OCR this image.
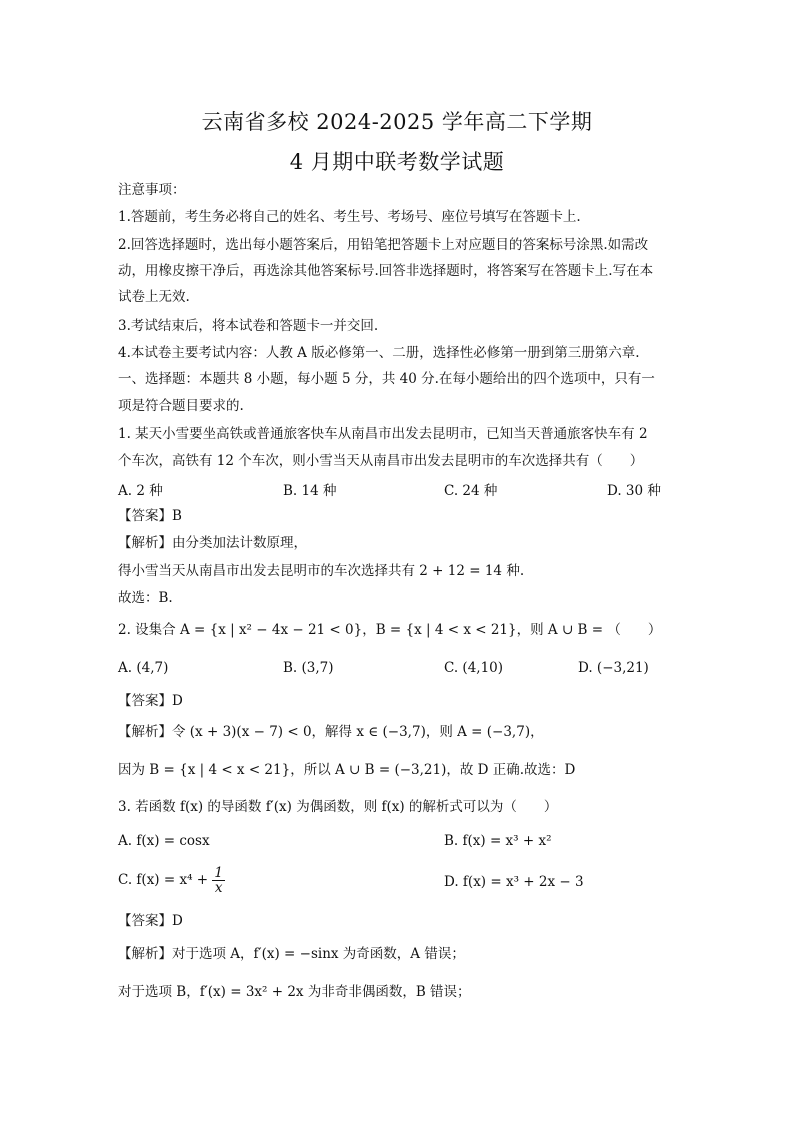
云南省多校 2024-2025 学年高二下学期
4 月期中联考数学试题
注意事项：
1.答题前，考生务必将自己的姓名、考生号、考场号、座位号填写在答题卡上.
2.回答选择题时，选出每小题答案后，用铅笔把答题卡上对应题目的答案标号涂黑.如需改
动，用橡皮擦干净后，再选涂其他答案标号.回答非选择题时，将答案写在答题卡上.写在本
试卷上无效.
3.考试结束后，将本试卷和答题卡一并交回.
4.本试卷主要考试内容：人教 A 版必修第一、二册，选择性必修第一册到第三册第六章.
一、选择题：本题共 8 小题，每小题 5 分，共 40 分.在每小题给出的四个选项中，只有一
项是符合题目要求的.
1. 某天小雪要坐高铁或普通旅客快车从南昌市出发去昆明市，已知当天普通旅客快车有 2
个车次，高铁有 12 个车次，则小雪当天从南昌市出发去昆明市的车次选择共有（　　）
A. 2 种	B. 14 种	C. 24 种	D. 30 种
【答案】B
【解析】由分类加法计数原理，
得小雪当天从南昌市出发去昆明市的车次选择共有 2 + 12 = 14 种.
故选：B.
2. 设集合 A = {x | x² − 4x − 21 < 0}，B = {x | 4 < x < 21}，则 A ∪ B = （　　）
A. (4,7)	B. (3,7)	C. (4,10)	D. (−3,21)
【答案】D
【解析】令 (x + 3)(x − 7) < 0，解得 x ∈ (−3,7)，则 A = (−3,7)，
因为 B = {x | 4 < x < 21}，所以 A ∪ B = (−3,21)，故 D 正确.故选：D
3. 若函数 f(x) 的导函数 f′(x) 为偶函数，则 f(x) 的解析式可以为（　　）
A. f(x) = cosx	B. f(x) = x³ + x²
C. $f(x) = x^4 + \frac{1}{x}$	D. f(x) = x³ + 2x − 3
【答案】D
【解析】对于选项 A，f′(x) = −sinx 为奇函数，A 错误；
对于选项 B，f′(x) = 3x² + 2x 为非奇非偶函数，B 错误；
